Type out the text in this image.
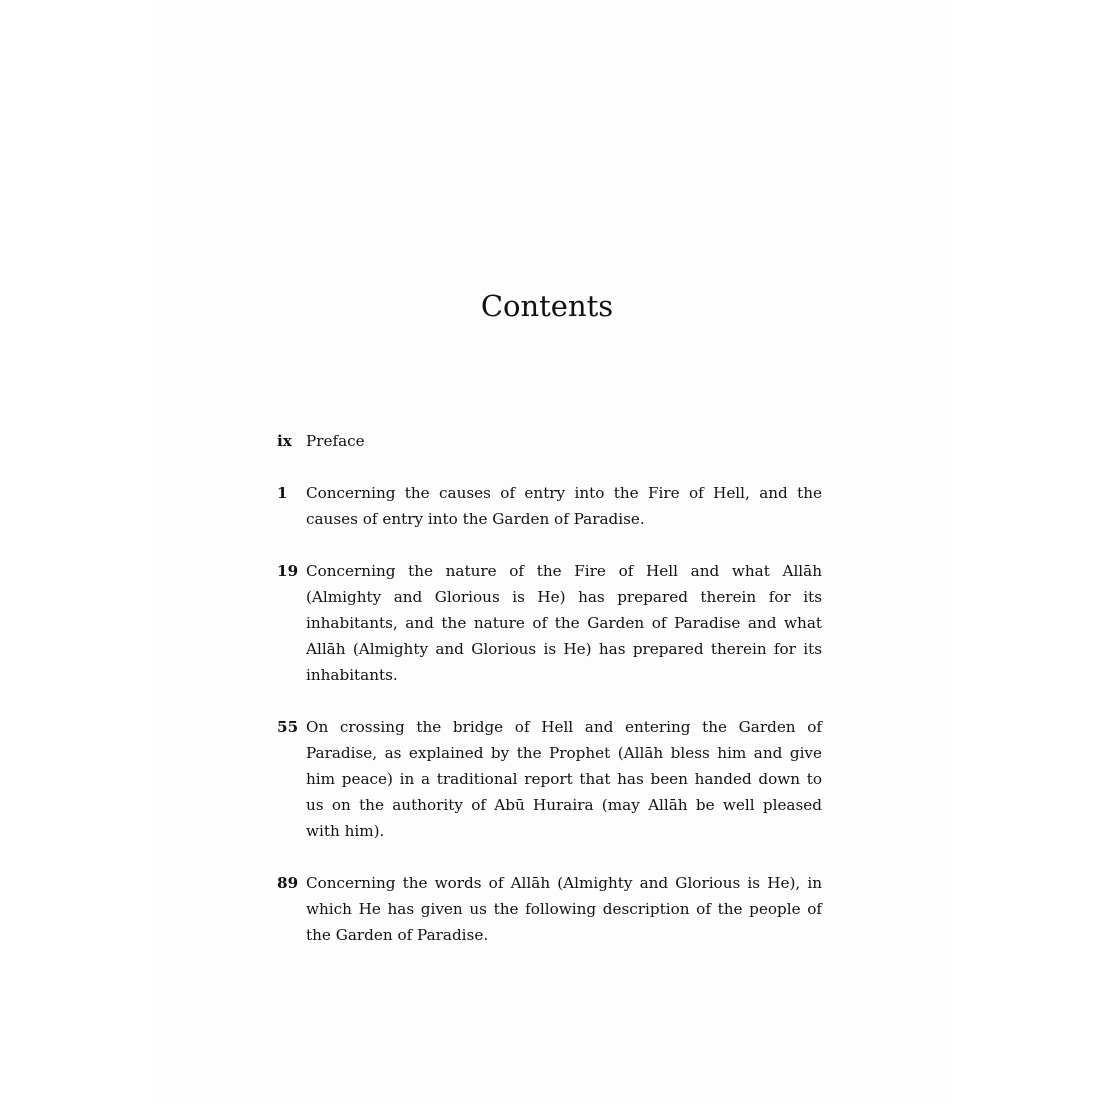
Contents
ix Preface
1	Concerning the causes of entry into the Fire of Hell, and the causes of entry into the Garden of Paradise.
19 Concerning the nature of the Fire of Hell and what Allāh (Almighty and Glorious is He) has prepared therein for its inhabitants, and the nature of the Garden of Paradise and what Allāh (Almighty and Glorious is He) has prepared therein for its inhabitants.
55 On crossing the bridge of Hell and entering the Garden of Paradise, as explained by the Prophet (Allāh bless him and give him peace) in a traditional report that has been handed down to us on the authority of Abū Huraira (may Allāh be well pleased with him).
89 Concerning the words of Allāh (Almighty and Glorious is He), in which He has given us the following description of the people of the Garden of Paradise.
